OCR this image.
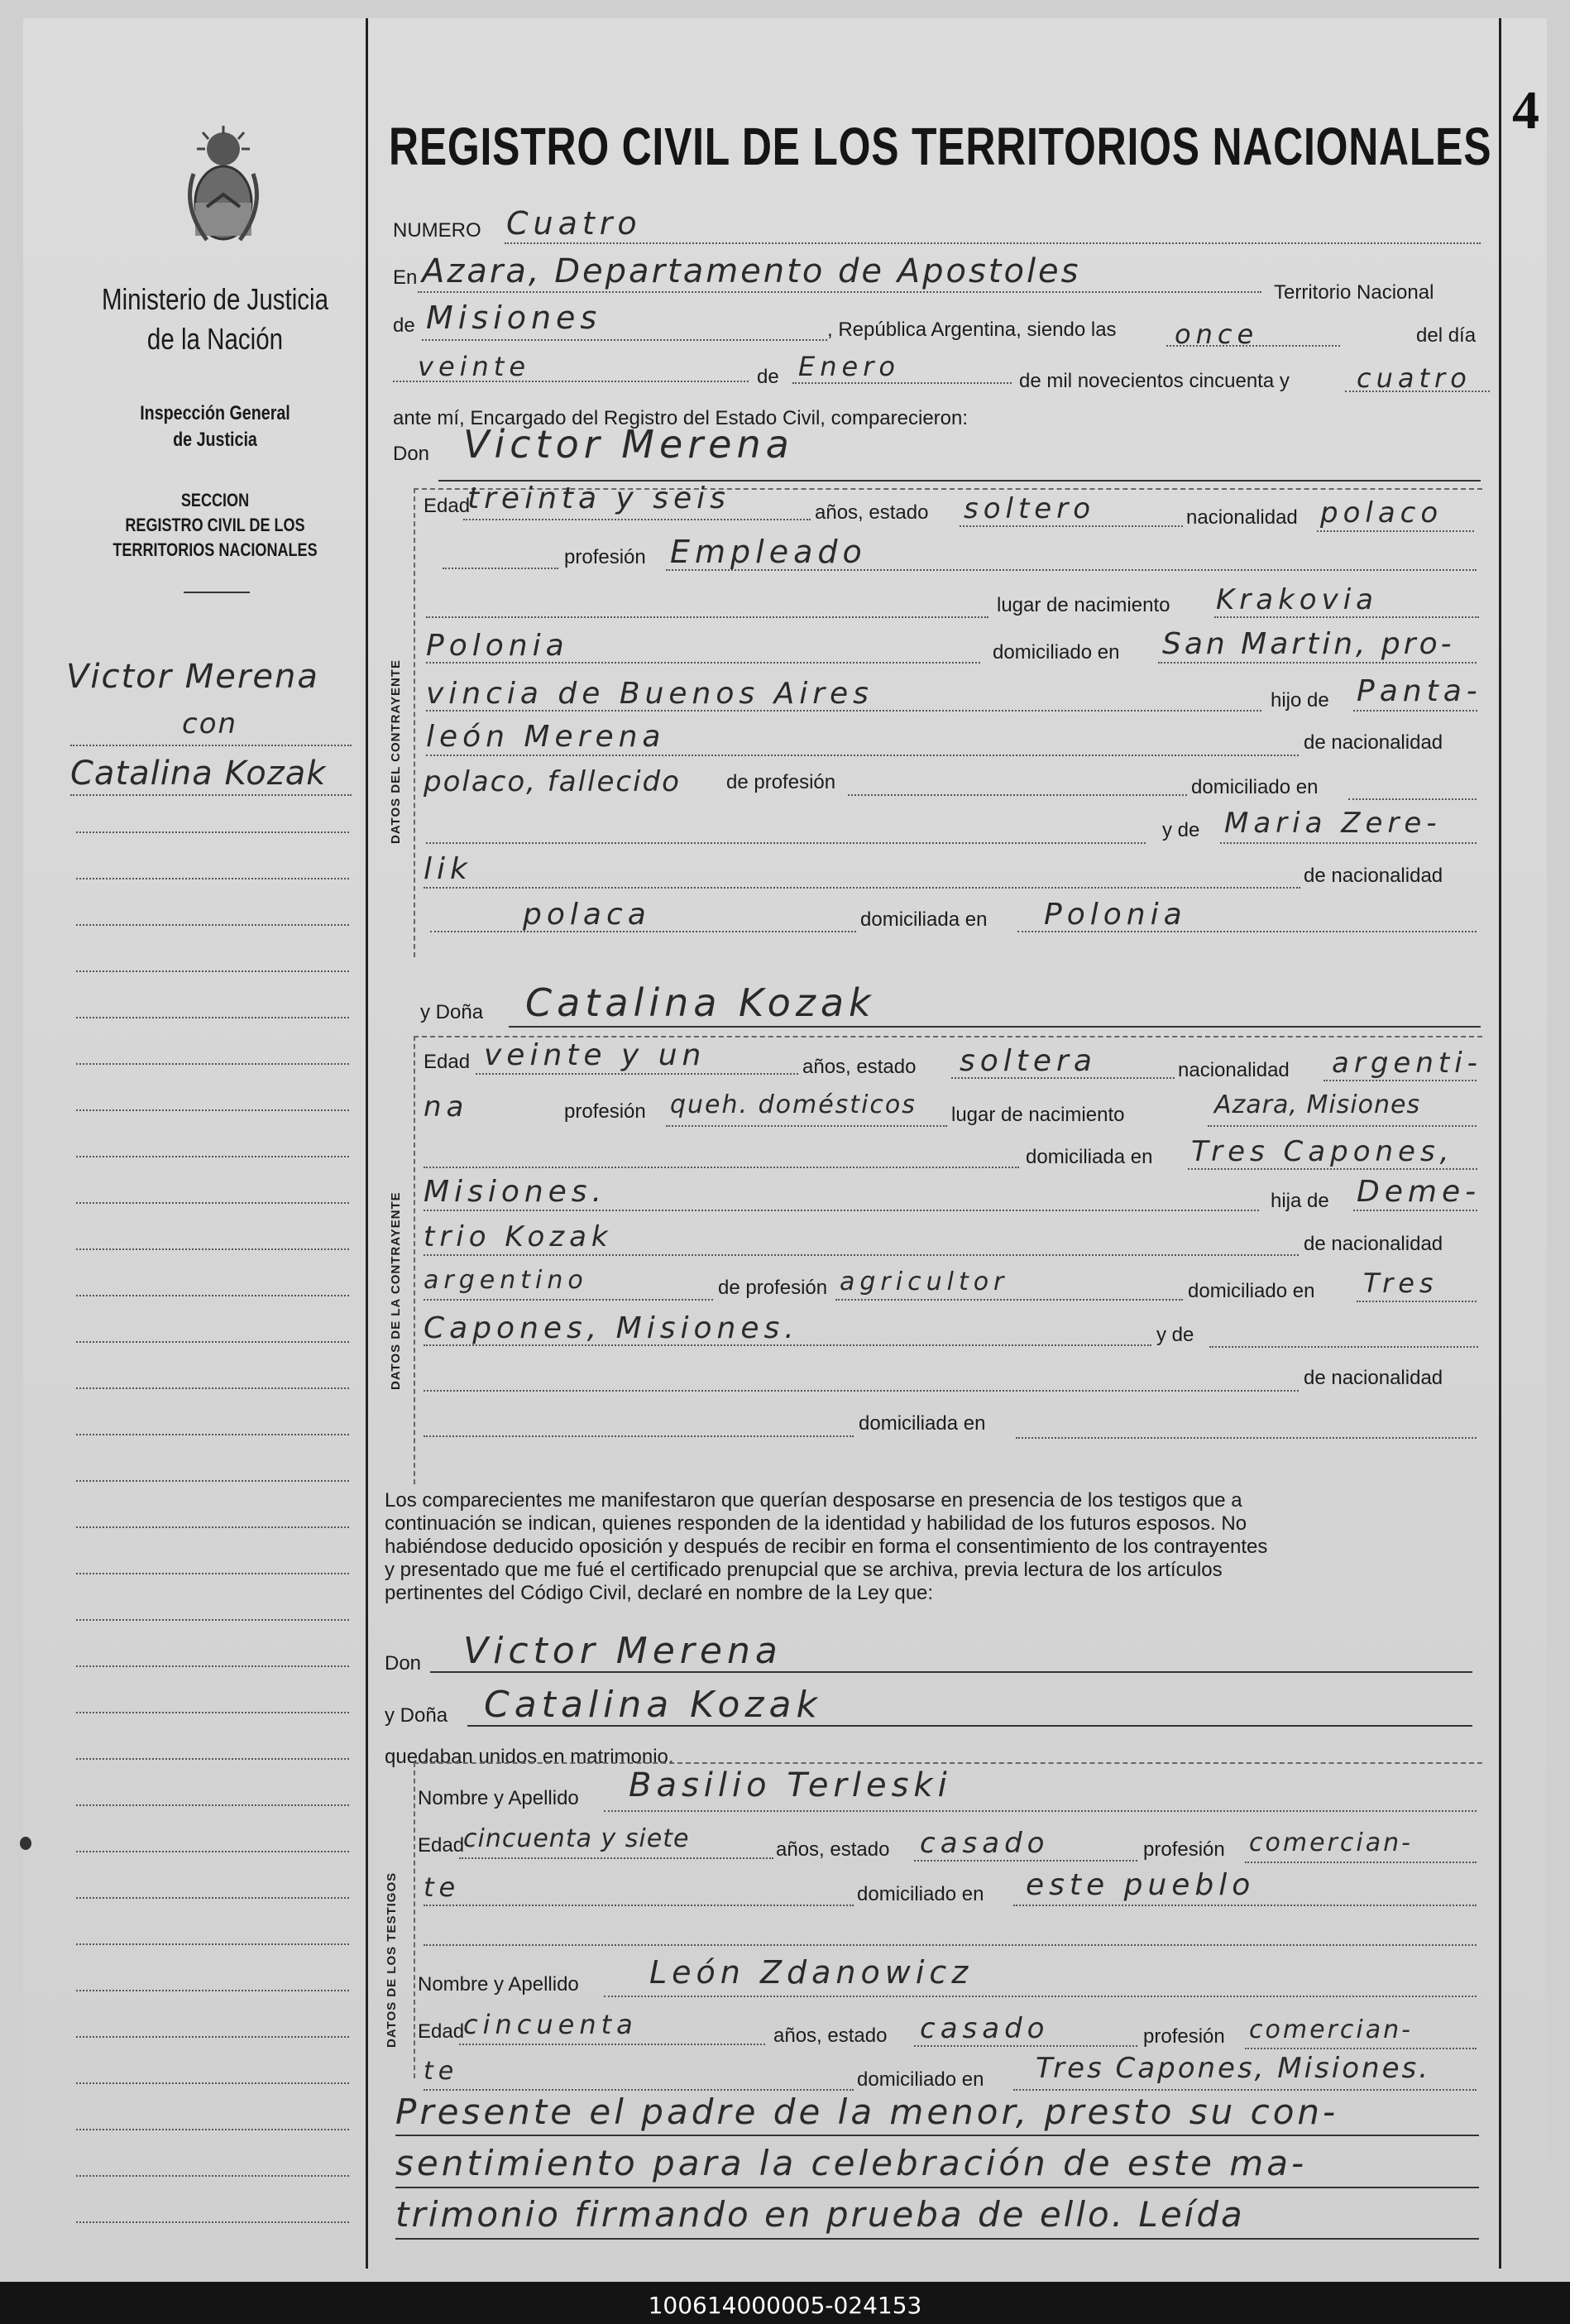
4
Ministerio de Justicia
de la Nación
Inspección General
de Justicia
SECCION
REGISTRO CIVIL DE LOS
TERRITORIOS NACIONALES
Victor Merena
con
Catalina Kozak
REGISTRO CIVIL DE LOS TERRITORIOS NACIONALES
NUMERO Cuatro
En Azara, Departamento de Apostoles
Territorio Nacional
de Misiones	, República Argentina, siendo las once	del día
veinte	de Enero	de mil novecientos cincuenta y	cuatro
ante mí, Encargado del Registro del Estado Civil, comparecieron:
Don Victor Merena
DATOS DEL CONTRAYENTE
Edad
treinta y seis	años, estado soltero	nacionalidad polaco
profesión Empleado
lugar de nacimiento Krakovia
Polonia	domiciliado en San Martin, pro-
vincia de Buenos Aires	hijo de Panta-
león Merena	de nacionalidad
polaco, fallecido de profesión	domiciliado en
y de Maria Zere-
lik	de nacionalidad
polaca	domiciliada en Polonia
y Doña Catalina Kozak
DATOS DE LA CONTRAYENTE
Edad veinte y un	años, estado soltera	nacionalidad argenti-
na	profesión queh. domésticos lugar de nacimiento	Azara, Misiones
domiciliada en Tres Capones,
Misiones.	hija de Deme-
trio Kozak	de nacionalidad
argentino	de profesión agricultor	domiciliado en Tres
Capones, Misiones.	y de
de nacionalidad
domiciliada en
Los comparecientes me manifestaron que querían desposarse en presencia de los testigos que a
continuación se indican, quienes responden de la identidad y habilidad de los futuros esposos. No
habiéndose deducido oposición y después de recibir en forma el consentimiento de los contrayentes
y presentado que me fué el certificado prenupcial que se archiva, previa lectura de los artículos
pertinentes del Código Civil, declaré en nombre de la Ley que:
Don Victor Merena
y Doña Catalina Kozak
quedaban unidos en matrimonio.
DATOS DE LOS TESTIGOS
Nombre y Apellido Basilio Terleski
Edad
cincuenta y siete	años, estado casado	profesión comercian-
te	domiciliado en este pueblo
Nombre y Apellido León Zdanowicz
Edad
cincuenta	años, estado casado	profesión comercian-
te	domiciliado en Tres Capones, Misiones.
Presente el padre de la menor, presto su con-
sentimiento para la celebración de este ma-
trimonio firmando en prueba de ello. Leída
100614000005-024153
